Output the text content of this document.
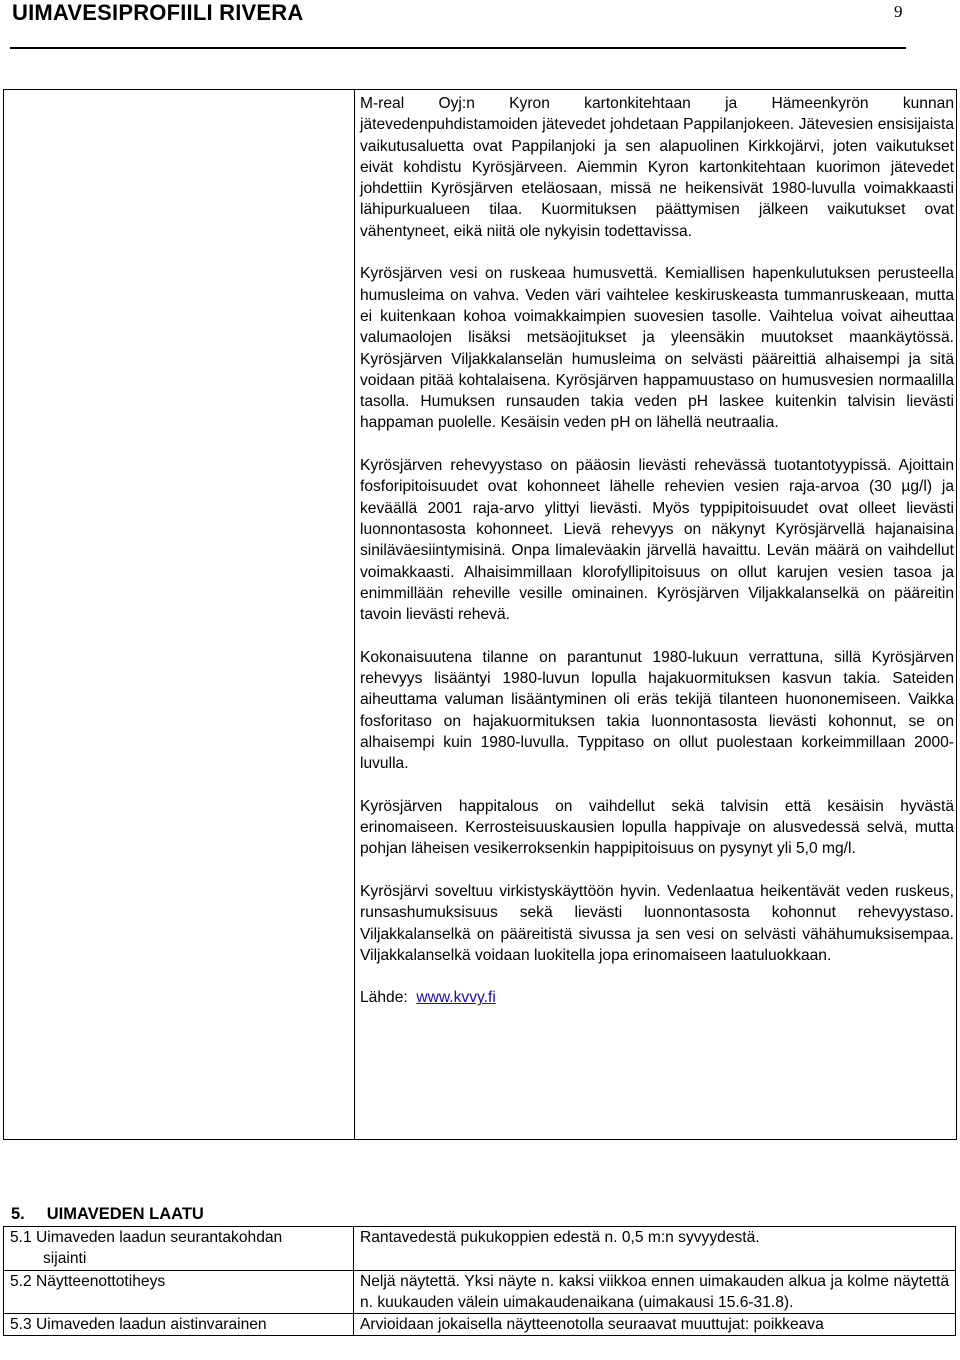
UIMAVESIPROFIILI RIVERA	9

M-real Oyj:n Kyron kartonkitehtaan ja Hämeenkyrön kunnan jätevedenpuhdistamoiden jätevedet johdetaan Pappilanjokeen. Jätevesien ensisijaista vaikutusaluetta ovat Pappilanjoki ja sen alapuolinen Kirkkojärvi, joten vaikutukset eivät kohdistu Kyrösjärveen. Aiemmin Kyron kartonkitehtaan kuorimon jätevedet johdettiin Kyrösjärven eteläosaan, missä ne heikensivät 1980-luvulla voimakkaasti lähipurkualueen tilaa. Kuormituksen päättymisen jälkeen vaikutukset ovat vähentyneet, eikä niitä ole nykyisin todettavissa.

Kyrösjärven vesi on ruskeaa humusvettä. Kemiallisen hapenkulutuksen perusteella humusleima on vahva. Veden väri vaihtelee keskiruskeasta tummanruskeaan, mutta ei kuitenkaan kohoa voimakkaimpien suovesien tasolle. Vaihtelua voivat aiheuttaa valumaolojen lisäksi metsäojitukset ja yleensäkin muutokset maankäytössä. Kyrösjärven Viljakkalanselän humusleima on selvästi pääreittiä alhaisempi ja sitä voidaan pitää kohtalaisena. Kyrösjärven happamuustaso on humusvesien normaalilla tasolla. Humuksen runsauden takia veden pH laskee kuitenkin talvisin lievästi happaman puolelle. Kesäisin veden pH on lähellä neutraalia.

Kyrösjärven rehevyystaso on pääosin lievästi rehevässä tuotantotyypissä. Ajoittain fosforipitoisuudet ovat kohonneet lähelle rehevien vesien raja-arvoa (30 µg/l) ja keväällä 2001 raja-arvo ylittyi lievästi. Myös typpipitoisuudet ovat olleet lievästi luonnontasosta kohonneet. Lievä rehevyys on näkynyt Kyrösjärvellä hajanaisina siniläväesiintymisinä. Onpa limaleväakin järvellä havaittu. Levän määrä on vaihdellut voimakkaasti. Alhaisimmillaan klorofyllipitoisuus on ollut karujen vesien tasoa ja enimmillään reheville vesille ominainen. Kyrösjärven Viljakkalanselkä on pääreitin tavoin lievästi rehevä.

Kokonaisuutena tilanne on parantunut 1980-lukuun verrattuna, sillä Kyrösjärven rehevyys lisääntyi 1980-luvun lopulla hajakuormituksen kasvun takia. Sateiden aiheuttama valuman lisääntyminen oli eräs tekijä tilanteen huononemiseen. Vaikka fosforitaso on hajakuormituksen takia luonnontasosta lievästi kohonnut, se on alhaisempi kuin 1980-luvulla. Typpitaso on ollut puolestaan korkeimmillaan 2000-luvulla.

Kyrösjärven happitalous on vaihdellut sekä talvisin että kesäisin hyvästä erinomaiseen. Kerrosteisuuskausien lopulla happivaje on alusvedessä selvä, mutta pohjan läheisen vesikerroksenkin happipitoisuus on pysynyt yli 5,0 mg/l.

Kyrösjärvi soveltuu virkistyskäyttöön hyvin. Vedenlaatua heikentävät veden ruskeus, runsashumuksisuus sekä lievästi luonnontasosta kohonnut rehevyystaso. Viljakkalanselkä on pääreitistä sivussa ja sen vesi on selvästi vähähumuksisempaa. Viljakkalanselkä voidaan luokitella jopa erinomaiseen laatuluokkaan.

Lähde: www.kvvy.fi

5. UIMAVEDEN LAATU
5.1 Uimaveden laadun seurantakohdan
sijainti	Rantavedestä pukukoppien edestä n. 0,5 m:n syvyydestä.
5.2 Näytteenottotiheys	Neljä näytettä. Yksi näyte n. kaksi viikkoa ennen uimakauden alkua ja kolme näytettä n. kuukauden välein uimakaudenaikana (uimakausi 15.6-31.8).
5.3 Uimaveden laadun aistinvarainen	Arvioidaan jokaisella näytteenotolla seuraavat muuttujat: poikkeava
